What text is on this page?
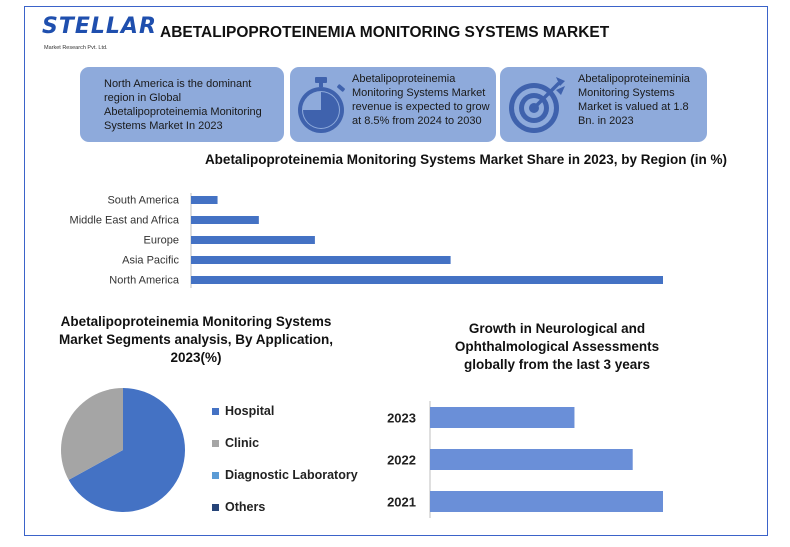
STELLAR
Market Research Pvt. Ltd.
ABETALIPOPROTEINEMIA MONITORING SYSTEMS MARKET
North America is the dominant region in Global Abetalipoproteinemia Monitoring Systems Market In 2023
Abetalipoproteinemia Monitoring Systems Market revenue is expected to grow at 8.5% from 2024 to 2030
Abetalipoproteineminia Monitoring Systems Market is valued at 1.8 Bn. in 2023
Abetalipoproteinemia Monitoring Systems Market Share in 2023, by Region (in %)
South America
Middle East and Africa
Europe
Asia Pacific
North America
Abetalipoproteinemia Monitoring Systems Market Segments analysis, By Application, 2023(%)
Hospital
Clinic
Diagnostic Laboratory
Others
Growth in Neurological and Ophthalmological Assessments globally from the last 3 years
2023
2022
2021
